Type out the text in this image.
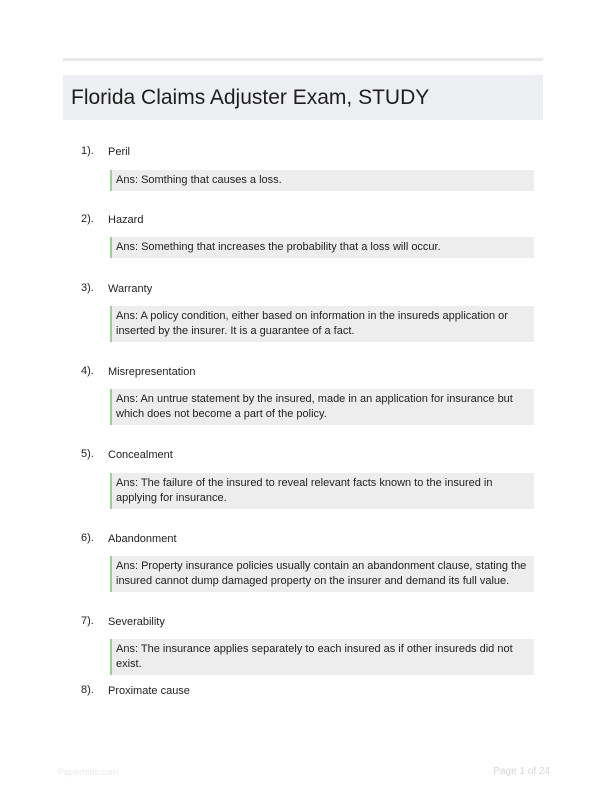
Florida Claims Adjuster Exam, STUDY
1). Peril
Ans: Somthing that causes a loss.
2). Hazard
Ans: Something that increases the probability that a loss will occur.
3). Warranty
Ans: A policy condition, either based on information in the insureds application or inserted by the insurer. It is a guarantee of a fact.
4). Misrepresentation
Ans: An untrue statement by the insured, made in an application for insurance but which does not become a part of the policy.
5). Concealment
Ans: The failure of the insured to reveal relevant facts known to the insured in applying for insurance.
6). Abandonment
Ans: Property insurance policies usually contain an abandonment clause, stating the insured cannot dump damaged property on the insurer and demand its full value.
7). Severability
Ans: The insurance applies separately to each insured as if other insureds did not exist.
8). Proximate cause
Paperbttic.com	Page 1 of 24
